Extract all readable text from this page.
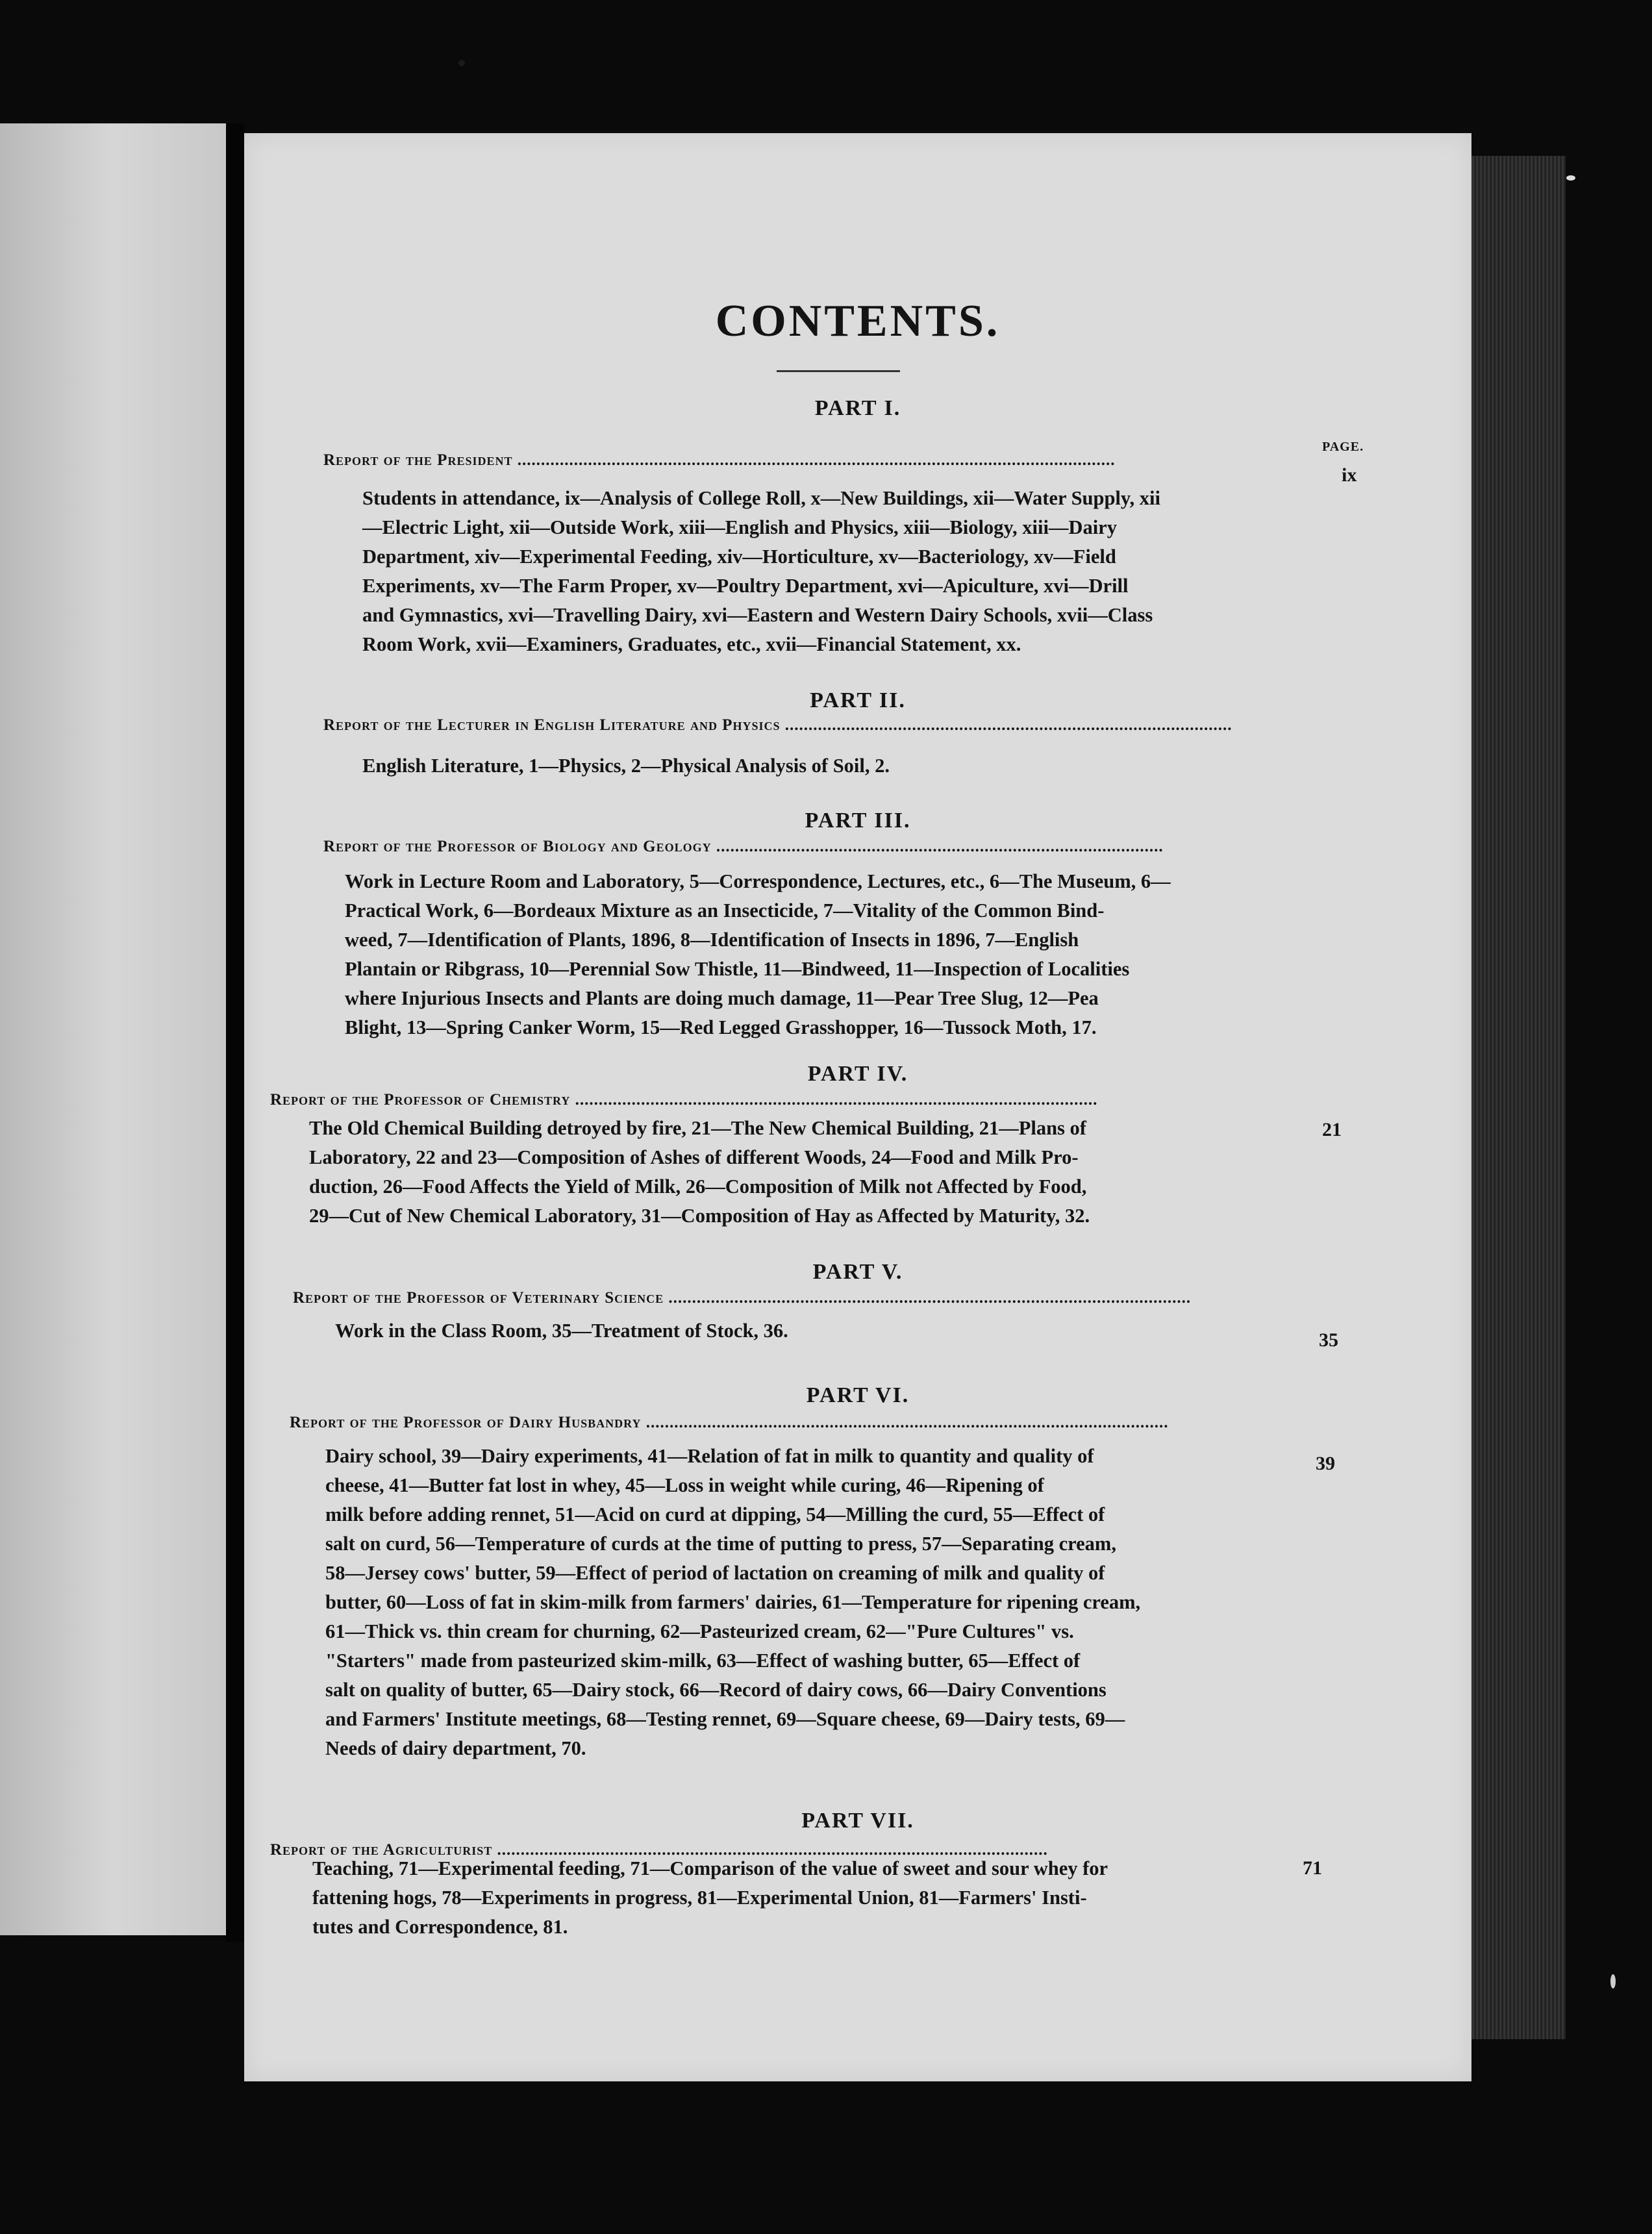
CONTENTS.
PART I.
PAGE.
Report of the President ...............................................................................................................................
ix
Students in attendance, ix—Analysis of College Roll, x—New Buildings, xii—Water Supply, xii
—Electric Light, xii—Outside Work, xiii—English and Physics, xiii—Biology, xiii—Dairy
Department, xiv—Experimental Feeding, xiv—Horticulture, xv—Bacteriology, xv—Field
Experiments, xv—The Farm Proper, xv—Poultry Department, xvi—Apiculture, xvi—Drill
and Gymnastics, xvi—Travelling Dairy, xvi—Eastern and Western Dairy Schools, xvii—Class
Room Work, xvii—Examiners, Graduates, etc., xvii—Financial Statement, xx.
PART II.
Report of the Lecturer in English Literature and Physics ...............................................................................................
English Literature, 1—Physics, 2—Physical Analysis of Soil, 2.
PART III.
Report of the Professor of Biology and Geology ...............................................................................................
Work in Lecture Room and Laboratory, 5—Correspondence, Lectures, etc., 6—The Museum, 6—
Practical Work, 6—Bordeaux Mixture as an Insecticide, 7—Vitality of the Common Bind-
weed, 7—Identification of Plants, 1896, 8—Identification of Insects in 1896, 7—English
Plantain or Ribgrass, 10—Perennial Sow Thistle, 11—Bindweed, 11—Inspection of Localities
where Injurious Insects and Plants are doing much damage, 11—Pear Tree Slug, 12—Pea
Blight, 13—Spring Canker Worm, 15—Red Legged Grasshopper, 16—Tussock Moth, 17.
PART IV.
Report of the Professor of Chemistry ...............................................................................................................
21
The Old Chemical Building detroyed by fire, 21—The New Chemical Building, 21—Plans of
Laboratory, 22 and 23—Composition of Ashes of different Woods, 24—Food and Milk Pro-
duction, 26—Food Affects the Yield of Milk, 26—Composition of Milk not Affected by Food,
29—Cut of New Chemical Laboratory, 31—Composition of Hay as Affected by Maturity, 32.
PART V.
Report of the Professor of Veterinary Science ...............................................................................................................
35
Work in the Class Room, 35—Treatment of Stock, 36.
PART VI.
Report of the Professor of Dairy Husbandry ...............................................................................................................
39
Dairy school, 39—Dairy experiments, 41—Relation of fat in milk to quantity and quality of
cheese, 41—Butter fat lost in whey, 45—Loss in weight while curing, 46—Ripening of
milk before adding rennet, 51—Acid on curd at dipping, 54—Milling the curd, 55—Effect of
salt on curd, 56—Temperature of curds at the time of putting to press, 57—Separating cream,
58—Jersey cows' butter, 59—Effect of period of lactation on creaming of milk and quality of
butter, 60—Loss of fat in skim-milk from farmers' dairies, 61—Temperature for ripening cream,
61—Thick vs. thin cream for churning, 62—Pasteurized cream, 62—"Pure Cultures" vs.
"Starters" made from pasteurized skim-milk, 63—Effect of washing butter, 65—Effect of
salt on quality of butter, 65—Dairy stock, 66—Record of dairy cows, 66—Dairy Conventions
and Farmers' Institute meetings, 68—Testing rennet, 69—Square cheese, 69—Dairy tests, 69—
Needs of dairy department, 70.
PART VII.
Report of the Agriculturist .....................................................................................................................
71
Teaching, 71—Experimental feeding, 71—Comparison of the value of sweet and sour whey for
fattening hogs, 78—Experiments in progress, 81—Experimental Union, 81—Farmers' Insti-
tutes and Correspondence, 81.
